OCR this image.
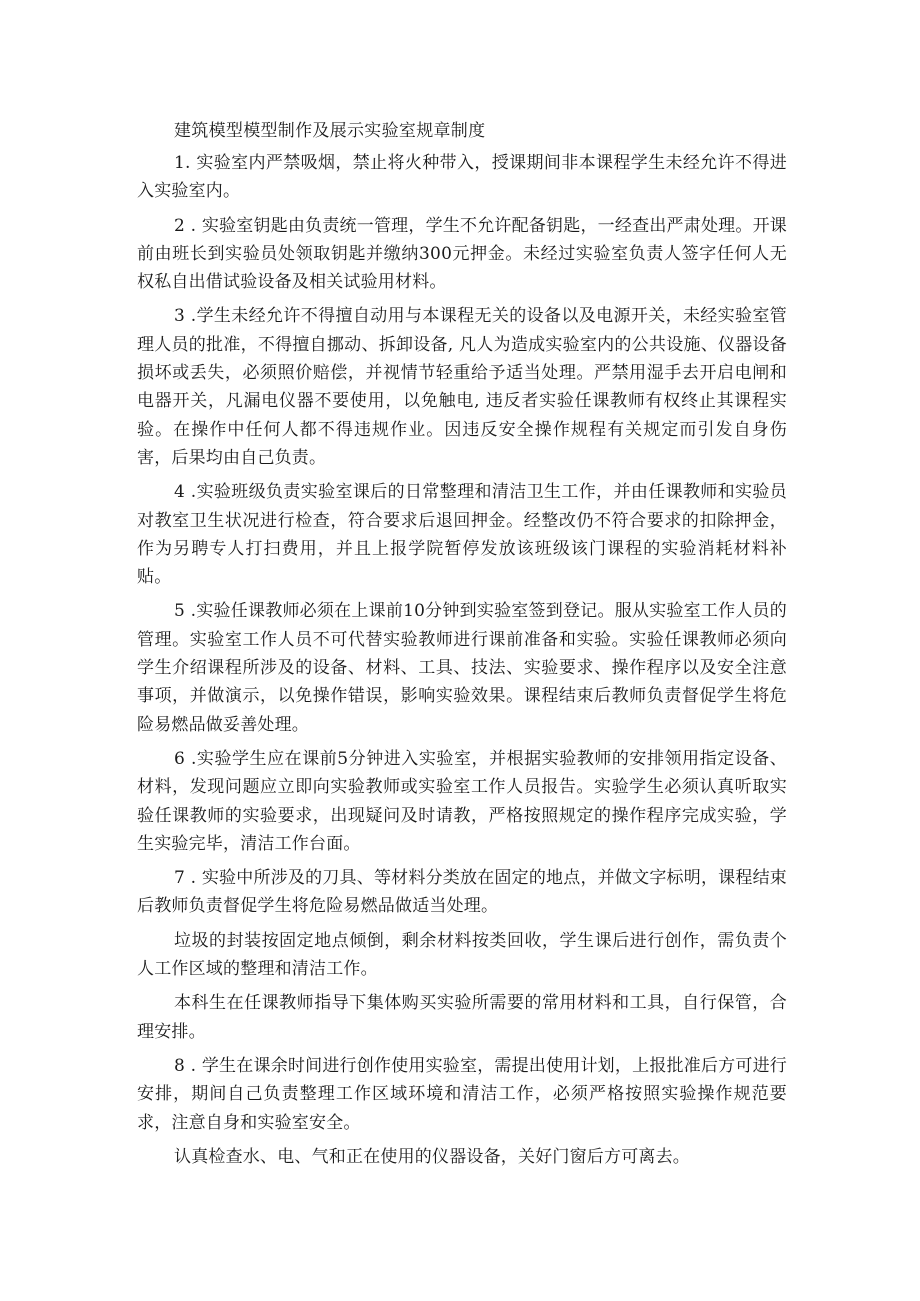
建筑模型模型制作及展示实验室规章制度

1. 实验室内严禁吸烟，禁止将火种带入，授课期间非本课程学生未经允许不得进入实验室内。

2 . 实验室钥匙由负责统一管理，学生不允许配备钥匙，一经查出严肃处理。开课前由班长到实验员处领取钥匙并缴纳300元押金。未经过实验室负责人签字任何人无权私自出借试验设备及相关试验用材料。

3 .学生未经允许不得擅自动用与本课程无关的设备以及电源开关，未经实验室管理人员的批准，不得擅自挪动、拆卸设备, 凡人为造成实验室内的公共设施、仪器设备损坏或丢失，必须照价赔偿，并视情节轻重给予适当处理。严禁用湿手去开启电闸和电器开关，凡漏电仪器不要使用，以免触电, 违反者实验任课教师有权终止其课程实验。在操作中任何人都不得违规作业。因违反安全操作规程有关规定而引发自身伤害，后果均由自己负责。

4 .实验班级负责实验室课后的日常整理和清洁卫生工作，并由任课教师和实验员对教室卫生状况进行检查，符合要求后退回押金。经整改仍不符合要求的扣除押金，作为另聘专人打扫费用，并且上报学院暂停发放该班级该门课程的实验消耗材料补贴。

5 .实验任课教师必须在上课前10分钟到实验室签到登记。服从实验室工作人员的管理。实验室工作人员不可代替实验教师进行课前准备和实验。实验任课教师必须向学生介绍课程所涉及的设备、材料、工具、技法、实验要求、操作程序以及安全注意事项，并做演示，以免操作错误，影响实验效果。课程结束后教师负责督促学生将危险易燃品做妥善处理。

6 .实验学生应在课前5分钟进入实验室，并根据实验教师的安排领用指定设备、材料，发现问题应立即向实验教师或实验室工作人员报告。实验学生必须认真听取实验任课教师的实验要求，出现疑问及时请教，严格按照规定的操作程序完成实验，学生实验完毕，清洁工作台面。

7 . 实验中所涉及的刀具、等材料分类放在固定的地点，并做文字标明，课程结束后教师负责督促学生将危险易燃品做适当处理。

垃圾的封装按固定地点倾倒，剩余材料按类回收，学生课后进行创作，需负责个人工作区域的整理和清洁工作。

本科生在任课教师指导下集体购买实验所需要的常用材料和工具，自行保管，合理安排。

8 . 学生在课余时间进行创作使用实验室，需提出使用计划，上报批准后方可进行安排，期间自己负责整理工作区域环境和清洁工作，必须严格按照实验操作规范要求，注意自身和实验室安全。

认真检查水、电、气和正在使用的仪器设备，关好门窗后方可离去。
